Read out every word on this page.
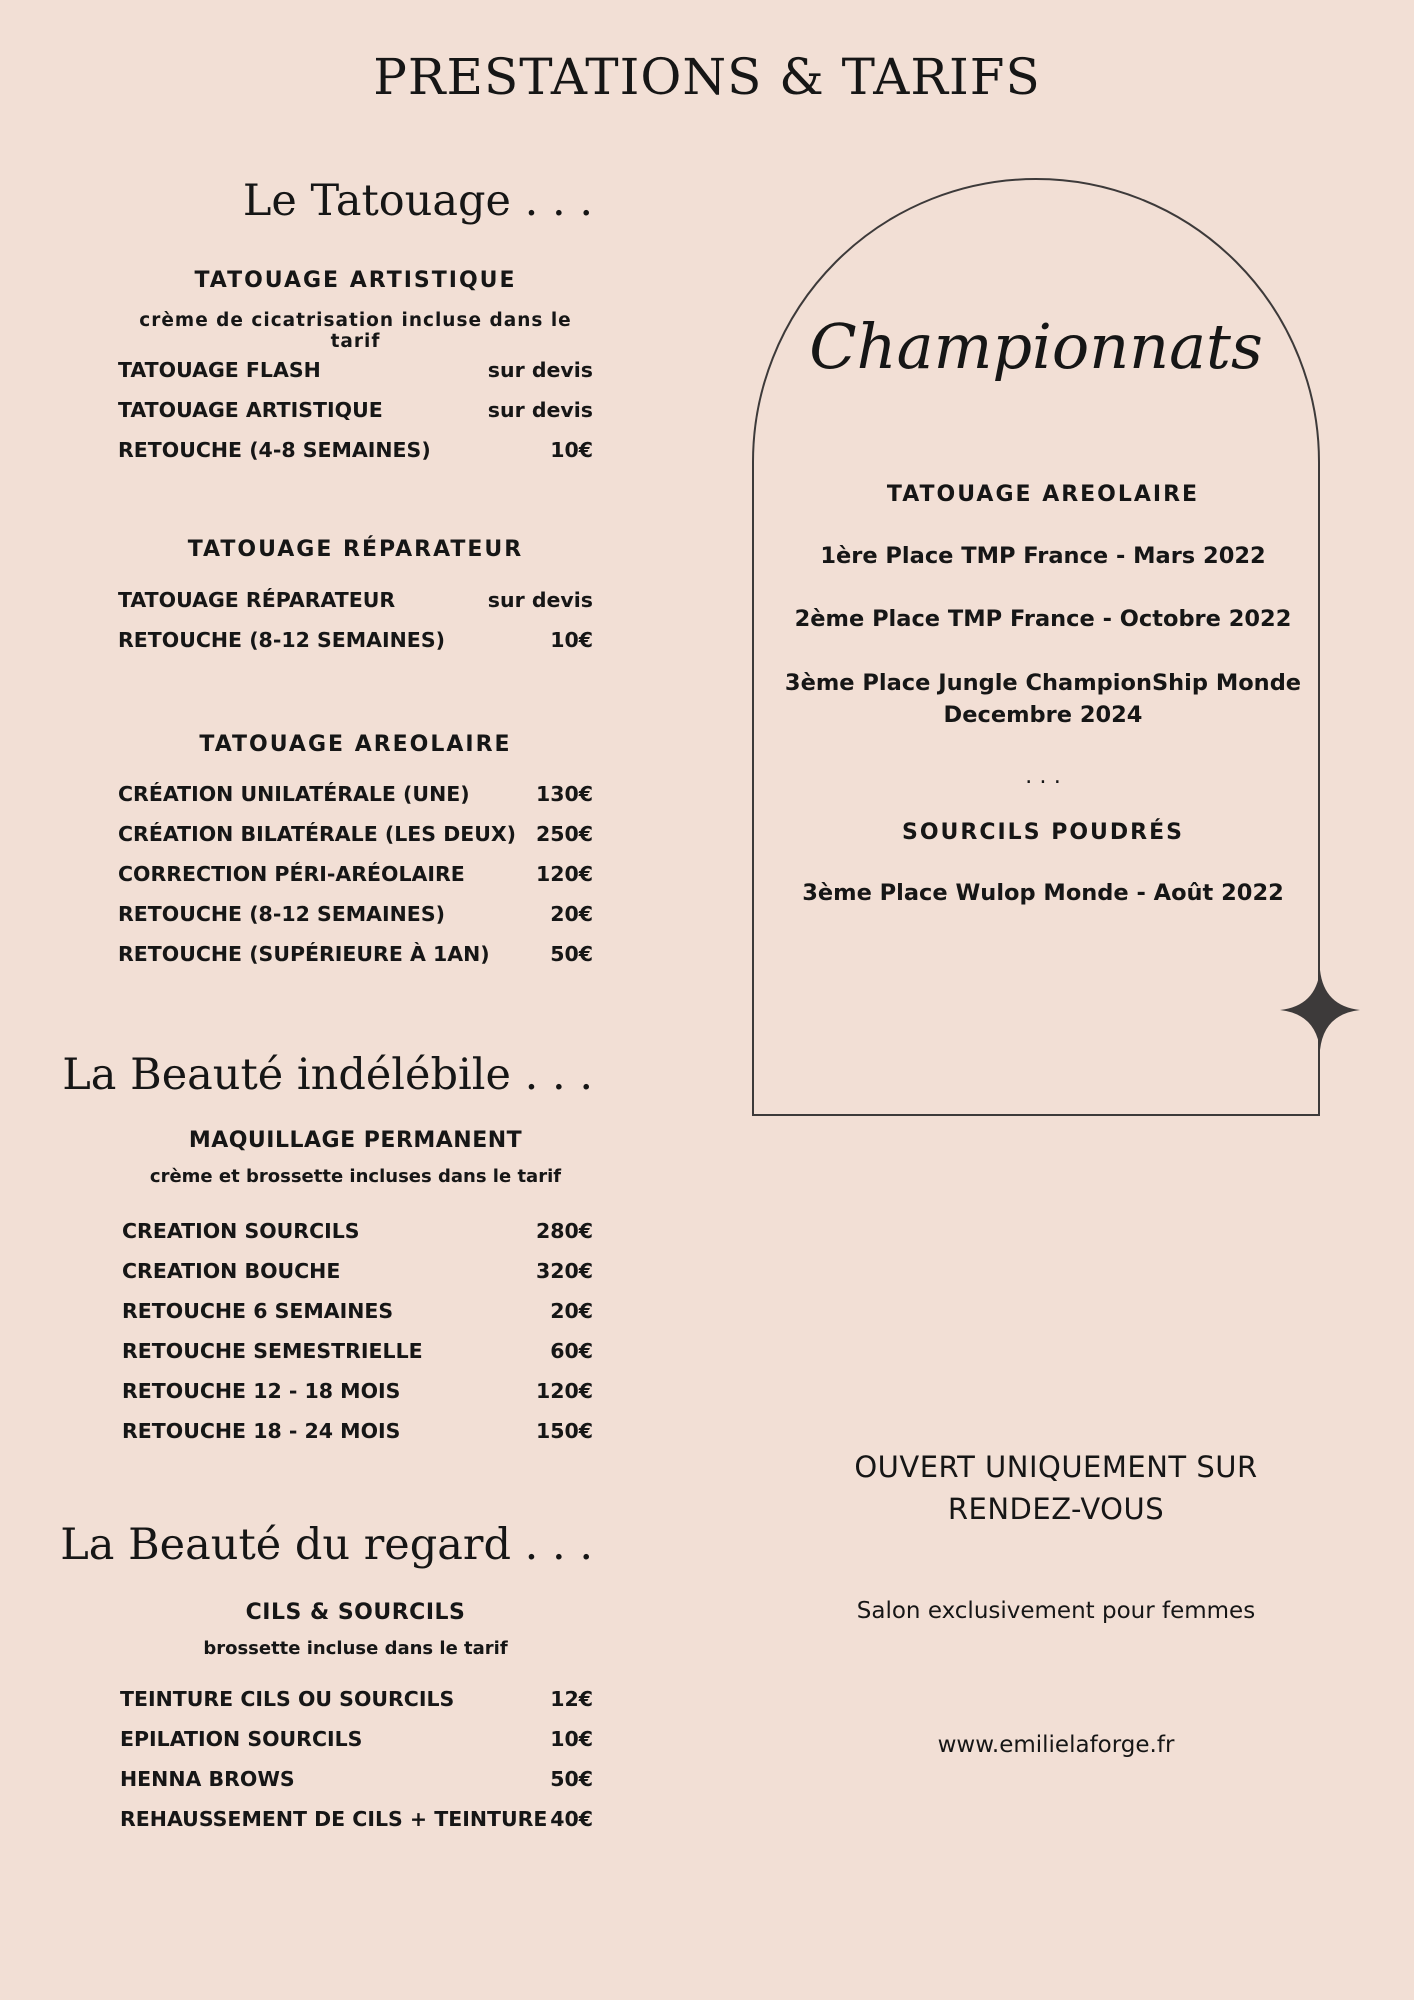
PRESTATIONS & TARIFS
Le Tatouage . . .
TATOUAGE ARTISTIQUE
crème de cicatrisation incluse dans le tarif
TATOUAGE FLASH	sur devis
TATOUAGE ARTISTIQUE	sur devis
RETOUCHE (4-8 SEMAINES)	10€
TATOUAGE RÉPARATEUR
TATOUAGE RÉPARATEUR	sur devis
RETOUCHE (8-12 SEMAINES)	10€
TATOUAGE AREOLAIRE
CRÉATION UNILATÉRALE (UNE)	130€
CRÉATION BILATÉRALE (LES DEUX) 250€
CORRECTION PÉRI-ARÉOLAIRE	120€
RETOUCHE (8-12 SEMAINES)	20€
RETOUCHE (SUPÉRIEURE À 1AN)	50€
La Beauté indélébile . . .
MAQUILLAGE PERMANENT
crème et brossette incluses dans le tarif
CREATION SOURCILS	280€
CREATION BOUCHE	320€
RETOUCHE 6 SEMAINES	20€
RETOUCHE SEMESTRIELLE	60€
RETOUCHE 12 - 18 MOIS	120€
RETOUCHE 18 - 24 MOIS	150€
La Beauté du regard . . .
CILS & SOURCILS
brossette incluse dans le tarif
TEINTURE CILS OU SOURCILS	12€
EPILATION SOURCILS	10€
HENNA BROWS	50€
REHAUSSEMENT DE CILS + TEINTURE 40€
Championnats
TATOUAGE AREOLAIRE
1ère Place TMP France - Mars 2022
2ème Place TMP France - Octobre 2022
3ème Place Jungle ChampionShip Monde
Decembre 2024
. . .
SOURCILS POUDRÉS
3ème Place Wulop Monde - Août 2022
OUVERT UNIQUEMENT SUR
RENDEZ-VOUS
Salon exclusivement pour femmes
www.emilielaforge.fr
